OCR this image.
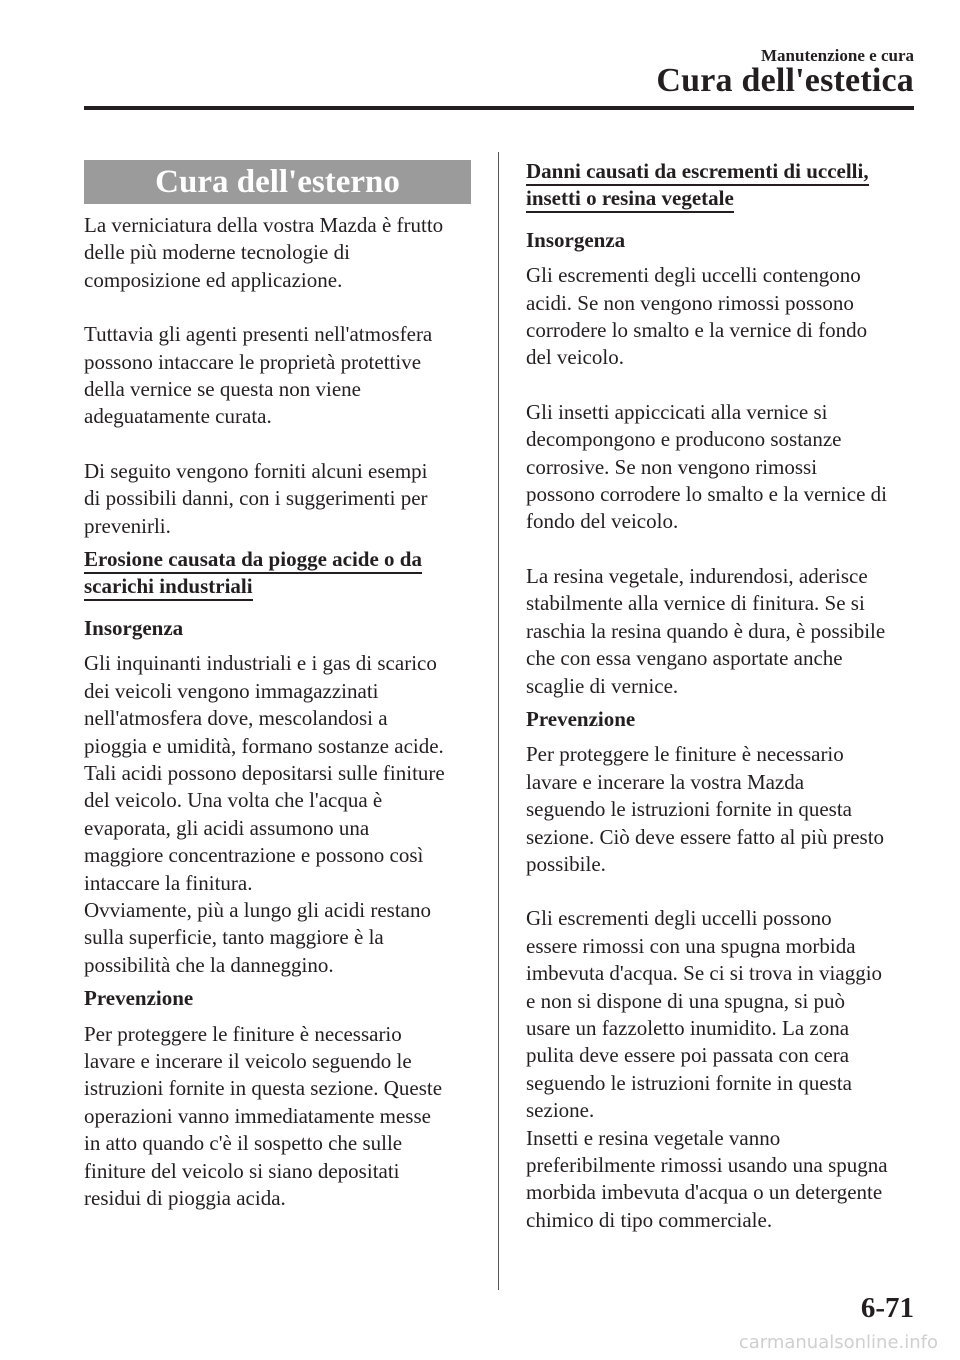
Manutenzione e cura
Cura dell'estetica
Cura dell'esterno

La verniciatura della vostra Mazda è frutto
delle più moderne tecnologie di
composizione ed applicazione.

Tuttavia gli agenti presenti nell'atmosfera
possono intaccare le proprietà protettive
della vernice se questa non viene
adeguatamente curata.

Di seguito vengono forniti alcuni esempi
di possibili danni, con i suggerimenti per
prevenirli.

Erosione causata da piogge acide o da
scarichi industriali
Insorgenza

Gli inquinanti industriali e i gas di scarico
dei veicoli vengono immagazzinati
nell'atmosfera dove, mescolandosi a
pioggia e umidità, formano sostanze acide.
Tali acidi possono depositarsi sulle finiture
del veicolo. Una volta che l'acqua è
evaporata, gli acidi assumono una
maggiore concentrazione e possono così
intaccare la finitura.
Ovviamente, più a lungo gli acidi restano
sulla superficie, tanto maggiore è la
possibilità che la danneggino.

Prevenzione

Per proteggere le finiture è necessario
lavare e incerare il veicolo seguendo le
istruzioni fornite in questa sezione. Queste
operazioni vanno immediatamente messe
in atto quando c'è il sospetto che sulle
finiture del veicolo si siano depositati
residui di pioggia acida.

Danni causati da escrementi di uccelli,
insetti o resina vegetale
Insorgenza

Gli escrementi degli uccelli contengono
acidi. Se non vengono rimossi possono
corrodere lo smalto e la vernice di fondo
del veicolo.

Gli insetti appiccicati alla vernice si
decompongono e producono sostanze
corrosive. Se non vengono rimossi
possono corrodere lo smalto e la vernice di
fondo del veicolo.

La resina vegetale, indurendosi, aderisce
stabilmente alla vernice di finitura. Se si
raschia la resina quando è dura, è possibile
che con essa vengano asportate anche
scaglie di vernice.

Prevenzione

Per proteggere le finiture è necessario
lavare e incerare la vostra Mazda
seguendo le istruzioni fornite in questa
sezione. Ciò deve essere fatto al più presto
possibile.

Gli escrementi degli uccelli possono
essere rimossi con una spugna morbida
imbevuta d'acqua. Se ci si trova in viaggio
e non si dispone di una spugna, si può
usare un fazzoletto inumidito. La zona
pulita deve essere poi passata con cera
seguendo le istruzioni fornite in questa
sezione.
Insetti e resina vegetale vanno
preferibilmente rimossi usando una spugna
morbida imbevuta d'acqua o un detergente
chimico di tipo commerciale.

6-71
carmanualsonline.info
